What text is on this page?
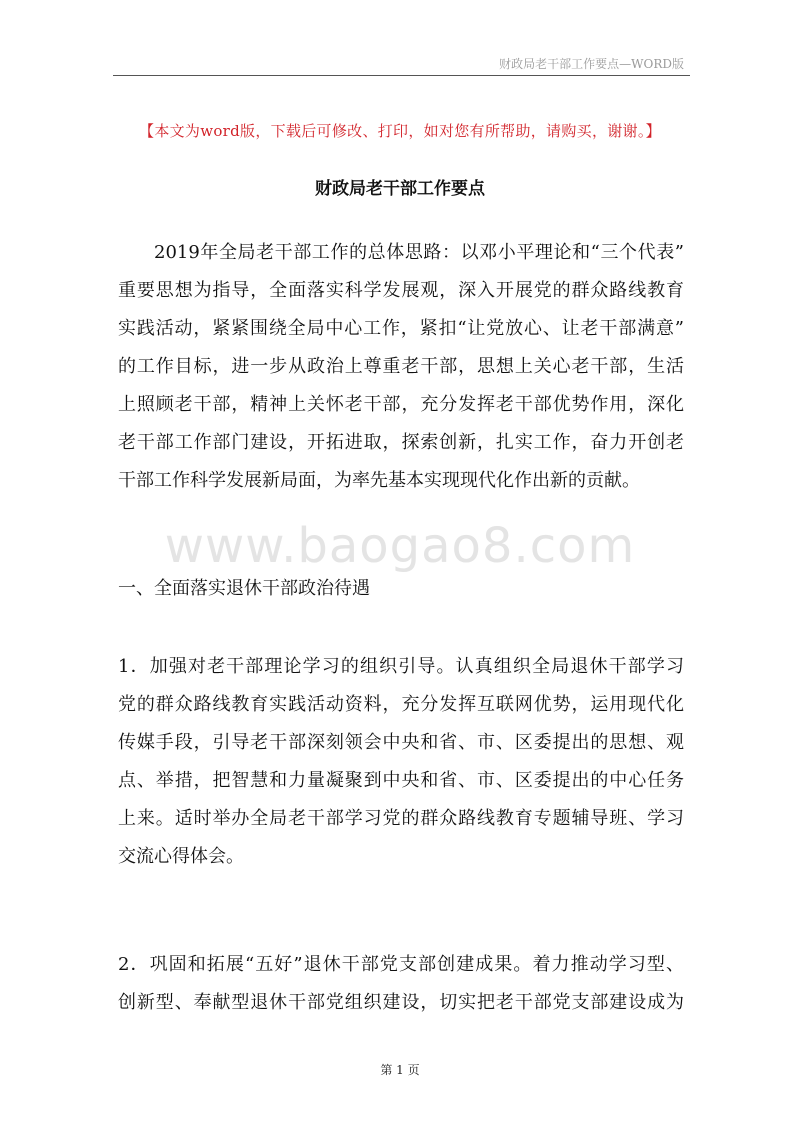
财政局老干部工作要点—WORD版
【本文为word版，下载后可修改、打印，如对您有所帮助，请购买，谢谢。】
财政局老干部工作要点
2019年全局老干部工作的总体思路：以邓小平理论和“三个代表”
重要思想为指导，全面落实科学发展观，深入开展党的群众路线教育
实践活动，紧紧围绕全局中心工作，紧扣“让党放心、让老干部满意”
的工作目标，进一步从政治上尊重老干部，思想上关心老干部，生活
上照顾老干部，精神上关怀老干部，充分发挥老干部优势作用，深化
老干部工作部门建设，开拓进取，探索创新，扎实工作，奋力开创老
干部工作科学发展新局面，为率先基本实现现代化作出新的贡献。
www.baogao8.com
一、全面落实退休干部政治待遇
1．加强对老干部理论学习的组织引导。认真组织全局退休干部学习
党的群众路线教育实践活动资料，充分发挥互联网优势，运用现代化
传媒手段，引导老干部深刻领会中央和省、市、区委提出的思想、观
点、举措，把智慧和力量凝聚到中央和省、市、区委提出的中心任务
上来。适时举办全局老干部学习党的群众路线教育专题辅导班、学习
交流心得体会。
2．巩固和拓展“五好”退休干部党支部创建成果。着力推动学习型、
创新型、奉献型退休干部党组织建设，切实把老干部党支部建设成为
第 1 页
